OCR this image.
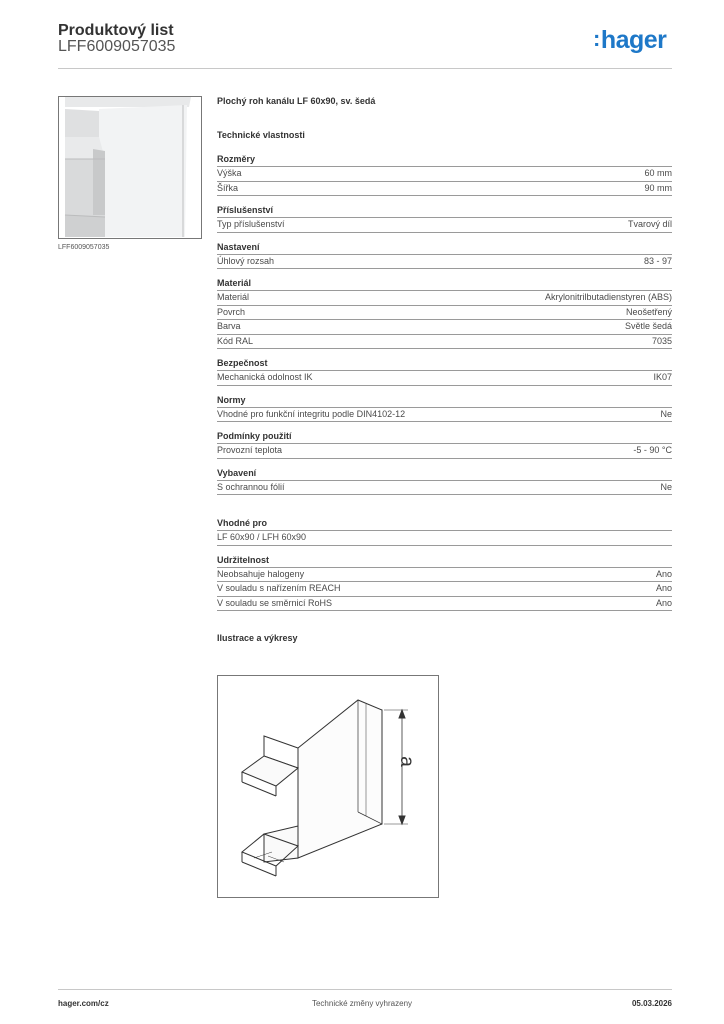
Produktový list
LFF6009057035	:hager
LFF6009057035
Plochý roh kanálu LF 60x90, sv. šedá
Technické vlastnosti
Rozměry
Výška	60 mm
Šířka	90 mm
Příslušenství
Typ příslušenství	Tvarový díl
Nastavení
Úhlový rozsah	83 - 97
Materiál
Materiál	Akrylonitrilbutadienstyren (ABS)
Povrch	Neošetřený
Barva	Světle šedá
Kód RAL	7035
Bezpečnost
Mechanická odolnost IK	IK07
Normy
Vhodné pro funkční integritu podle DIN4102-12	Ne
Podmínky použití
Provozní teplota	-5 - 90 °C
Vybavení
S ochrannou fólií	Ne
Vhodné pro
LF 60x90 / LFH 60x90
Udržitelnost
Neobsahuje halogeny	Ano
V souladu s nařízením REACH	Ano
V souladu se směrnicí RoHS	Ano
Ilustrace a výkresy
a
hager.com/cz	Technické změny vyhrazeny	05.03.2026
